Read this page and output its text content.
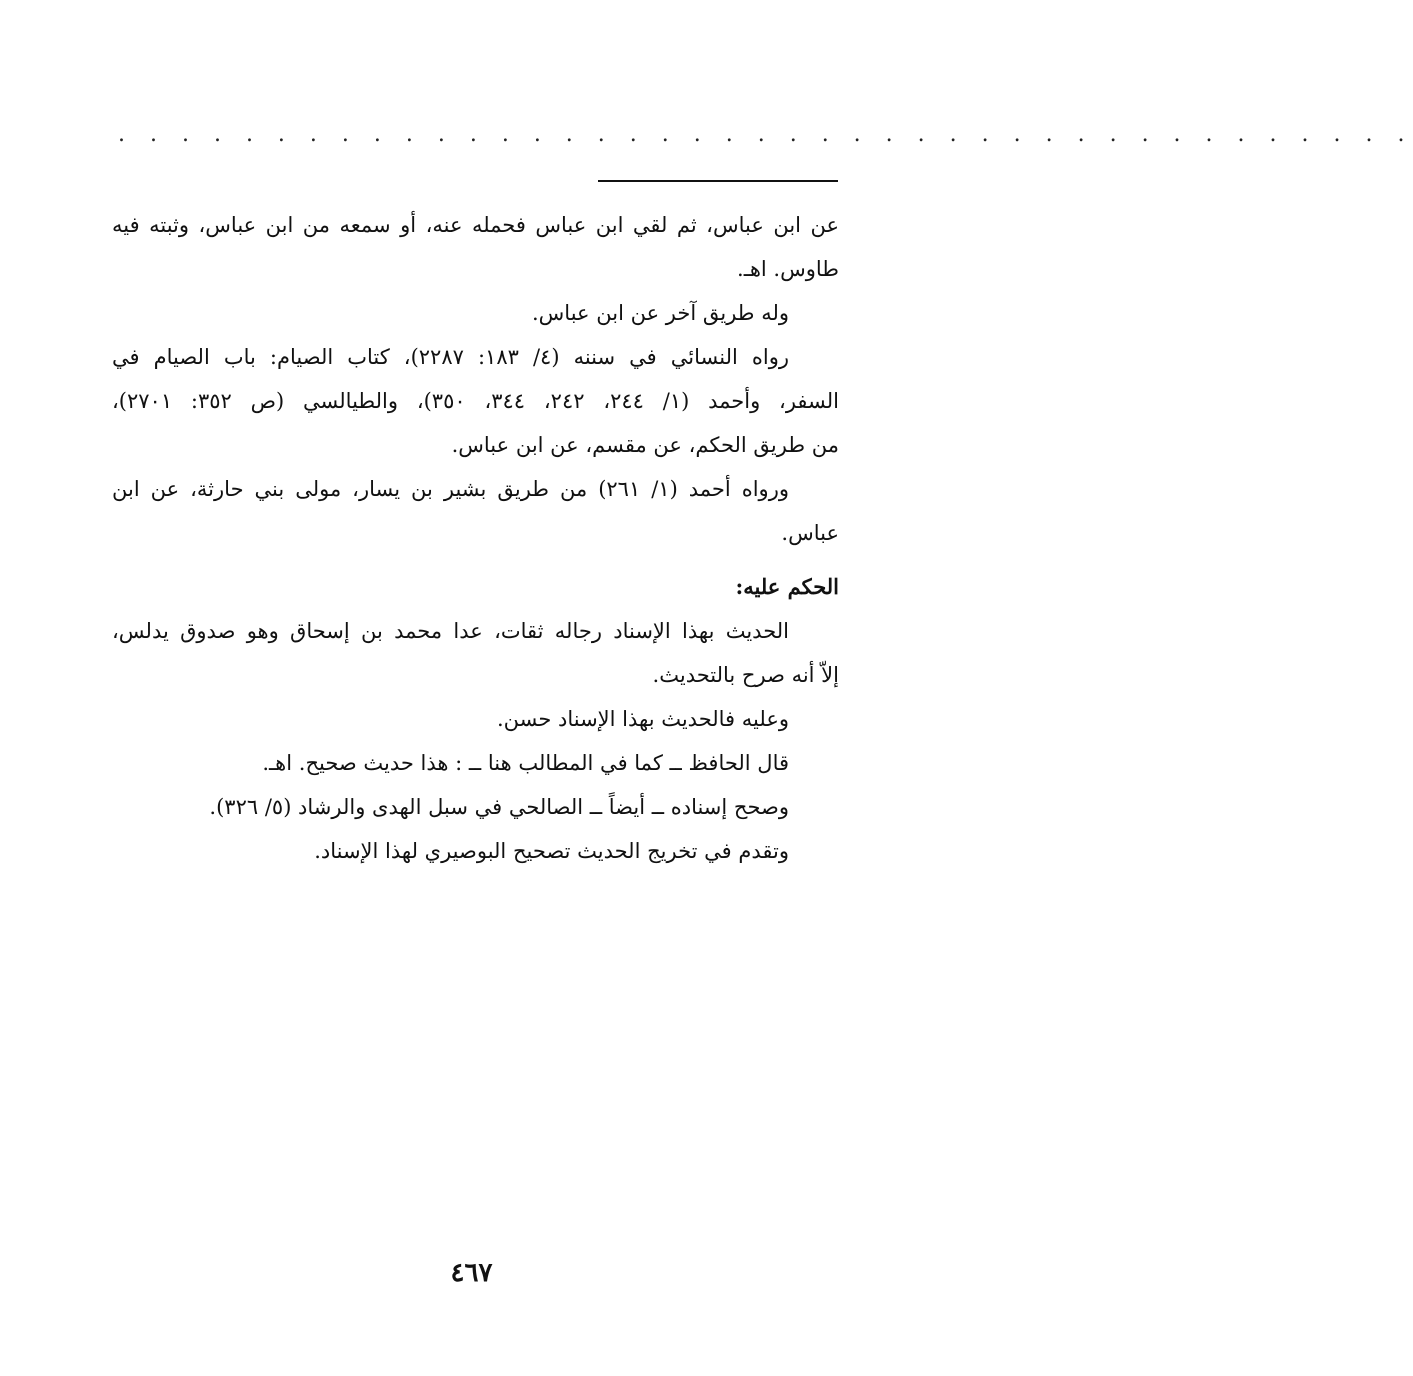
. . . . . . . . . . . . . . . . . . . . . . . . . . . . . . . . . . . . . . . . .
عن ابن عباس، ثم لقي ابن عباس فحمله عنه، أو سمعه من ابن عباس، وثبته فيه
طاوس. اهـ.
وله طريق آخر عن ابن عباس.
رواه النسائي في سننه (٤/ ١٨٣: ٢٢٨٧)، كتاب الصيام: باب الصيام في
السفر، وأحمد (١/ ٢٤٤، ٢٤٢، ٣٤٤، ٣٥٠)، والطيالسي (ص ٣٥٢: ٢٧٠١)،
من طريق الحكم، عن مقسم، عن ابن عباس.
ورواه أحمد (١/ ٢٦١) من طريق بشير بن يسار، مولى بني حارثة، عن ابن
عباس.
الحكم عليه:
الحديث بهذا الإسناد رجاله ثقات، عدا محمد بن إسحاق وهو صدوق يدلس،
إلاّ أنه صرح بالتحديث.
وعليه فالحديث بهذا الإسناد حسن.
قال الحافظ ــ كما في المطالب هنا ــ : هذا حديث صحيح. اهـ.
وصحح إسناده ــ أيضاً ــ الصالحي في سبل الهدى والرشاد (٥/ ٣٢٦).
وتقدم في تخريج الحديث تصحيح البوصيري لهذا الإسناد.
٤٦٧
